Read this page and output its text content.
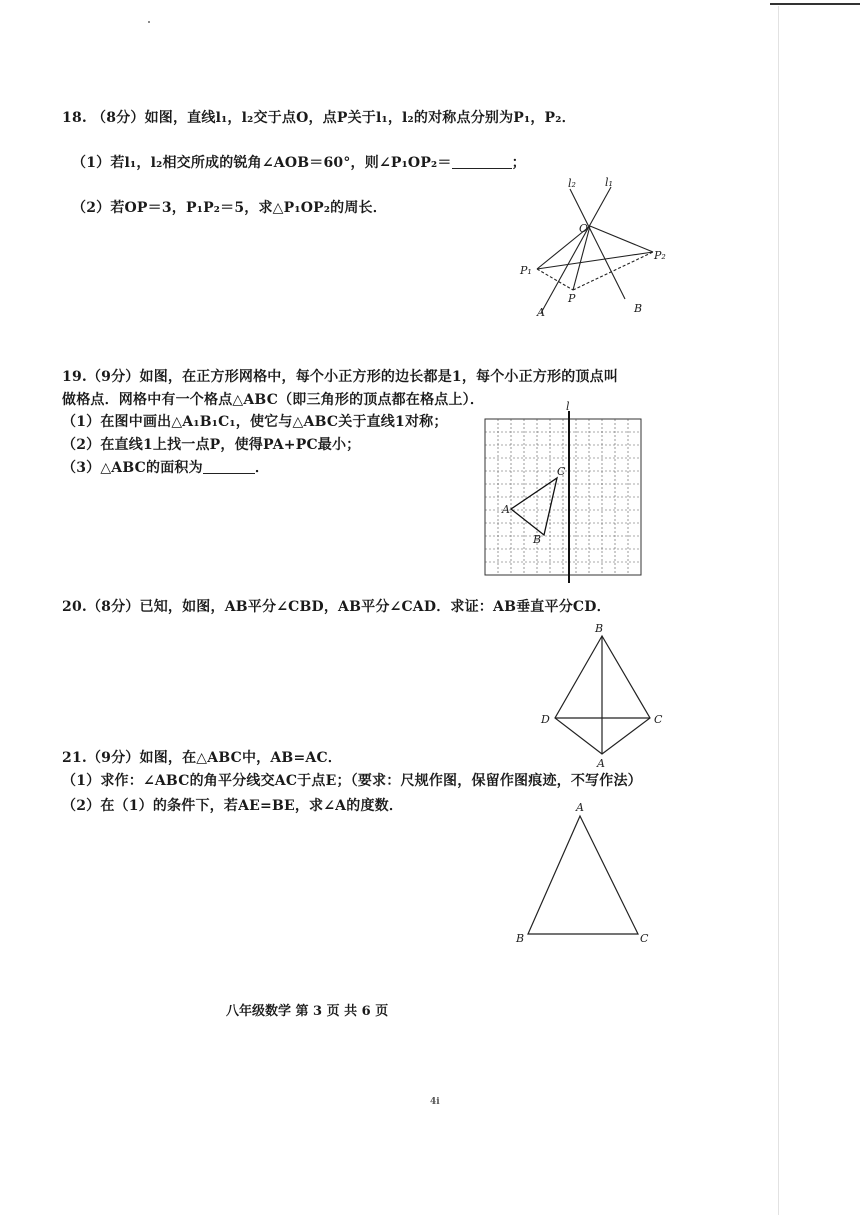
18. （8分）如图，直线l₁，l₂交于点O，点P关于l₁，l₂的对称点分别为P₁，P₂．
（1）若l₁，l₂相交所成的锐角∠AOB＝60°，则∠P₁OP₂＝	；
（2）若OP＝3，P₁P₂＝5，求△P₁OP₂的周长．
l₂	l₁
O
P₁
P₂
P
A	B
19.（9分）如图，在正方形网格中，每个小正方形的边长都是1，每个小正方形的顶点叫
做格点．网格中有一个格点△ABC（即三角形的顶点都在格点上）．
（1）在图中画出△A₁B₁C₁，使它与△ABC关于直线1对称；
（2）在直线1上找一点P，使得PA+PC最小；
（3）△ABC的面积为	．
l
A
B
C
20.（8分）已知，如图，AB平分∠CBD，AB平分∠CAD．求证：AB垂直平分CD．
B
D	C
A
21.（9分）如图，在△ABC中，AB=AC．
（1）求作：∠ABC的角平分线交AC于点E；（要求：尺规作图，保留作图痕迹，不写作法）
（2）在（1）的条件下，若AE=BE，求∠A的度数．	A
B	C
八年级数学 第 3 页 共 6 页
4i
